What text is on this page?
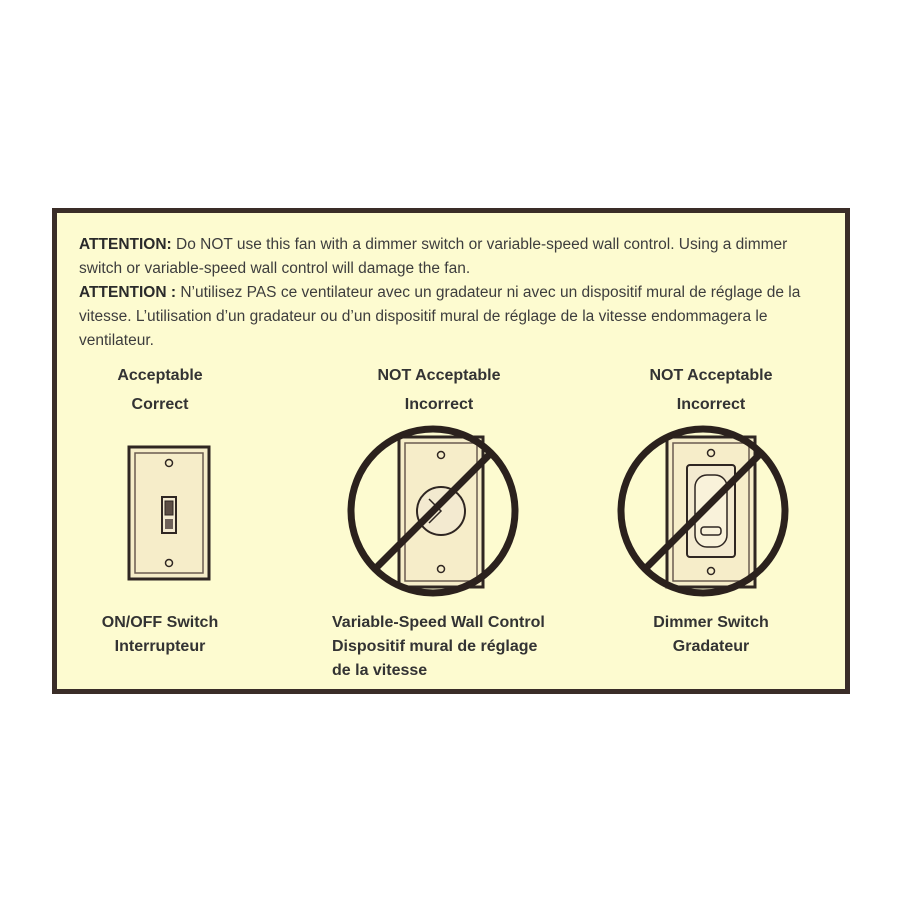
ATTENTION: Do NOT use this fan with a dimmer switch or variable-speed wall control. Using a dimmer switch or variable-speed wall control will damage the fan.

ATTENTION : N’utilisez PAS ce ventilateur avec un gradateur ni avec un dispositif mural de réglage de la vitesse. L’utilisation d’un gradateur ou d’un dispositif mural de réglage de la vitesse endommagera le ventilateur.

Acceptable
Correct
NOT Acceptable
Incorrect
NOT Acceptable
Incorrect
ON/OFF Switch
Interrupteur
Variable-Speed Wall Control
Dispositif mural de réglage
de la vitesse
Dimmer Switch
Gradateur
